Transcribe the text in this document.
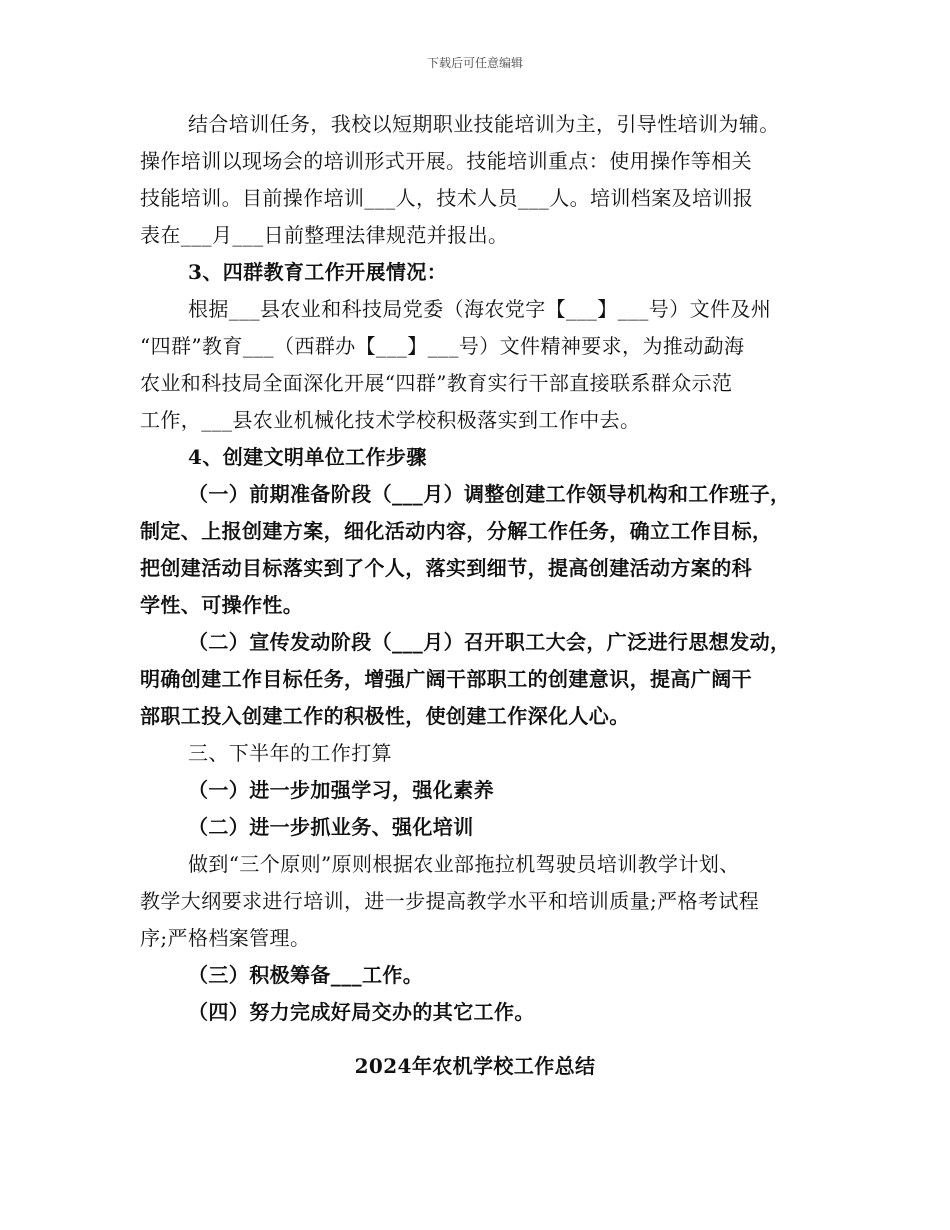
下载后可任意编辑
结合培训任务，我校以短期职业技能培训为主，引导性培训为辅。
操作培训以现场会的培训形式开展。技能培训重点：使用操作等相关
技能培训。目前操作培训___人，技术人员___人。培训档案及培训报
表在___月___日前整理法律规范并报出。
3、四群教育工作开展情况：
根据___县农业和科技局党委（海农党字【___】___号）文件及州
“四群”教育___（西群办【___】___号）文件精神要求，为推动勐海
农业和科技局全面深化开展“四群”教育实行干部直接联系群众示范
工作，___县农业机械化技术学校积极落实到工作中去。
4、创建文明单位工作步骤
（一）前期准备阶段（___月）调整创建工作领导机构和工作班子，
制定、上报创建方案，细化活动内容，分解工作任务，确立工作目标，
把创建活动目标落实到了个人，落实到细节，提高创建活动方案的科
学性、可操作性。
（二）宣传发动阶段（___月）召开职工大会，广泛进行思想发动，
明确创建工作目标任务，增强广阔干部职工的创建意识，提高广阔干
部职工投入创建工作的积极性，使创建工作深化人心。
三、下半年的工作打算
（一）进一步加强学习，强化素养
（二）进一步抓业务、强化培训
做到“三个原则”原则根据农业部拖拉机驾驶员培训教学计划、
教学大纲要求进行培训，进一步提高教学水平和培训质量;严格考试程
序;严格档案管理。
（三）积极筹备___工作。
（四）努力完成好局交办的其它工作。
2024年农机学校工作总结
